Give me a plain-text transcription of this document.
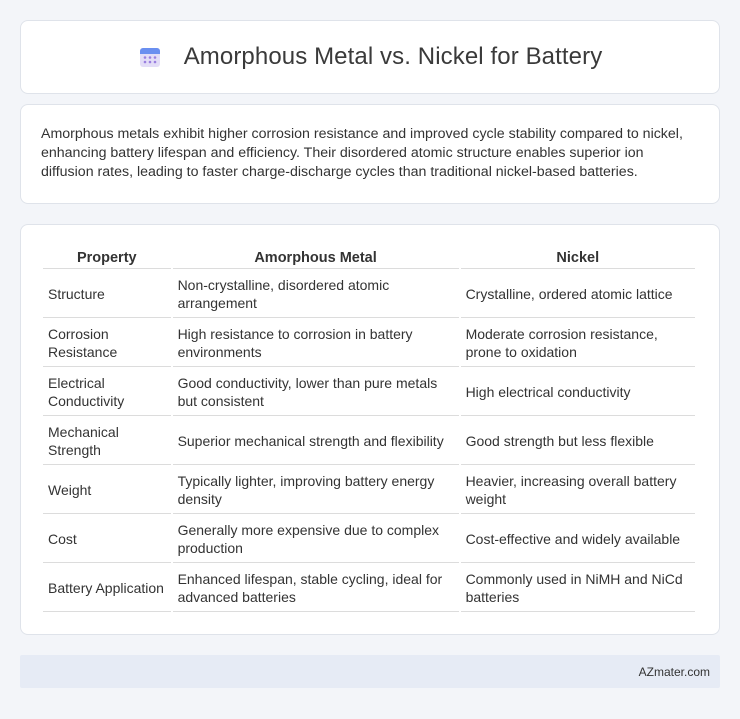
Amorphous Metal vs. Nickel for Battery

Amorphous metals exhibit higher corrosion resistance and improved cycle stability compared to nickel, enhancing battery lifespan and efficiency. Their disordered atomic structure enables superior ion diffusion rates, leading to faster charge-discharge cycles than traditional nickel-based batteries.

Property	Amorphous Metal	Nickel
Structure	Non-crystalline, disordered atomic arrangement	Crystalline, ordered atomic lattice
Corrosion Resistance	High resistance to corrosion in battery environments	Moderate corrosion resistance, prone to oxidation
Electrical Conductivity	Good conductivity, lower than pure metals but consistent	High electrical conductivity
Mechanical Strength	Superior mechanical strength and flexibility	Good strength but less flexible
Weight	Typically lighter, improving battery energy density	Heavier, increasing overall battery weight
Cost	Generally more expensive due to complex production	Cost-effective and widely available
Battery Application	Enhanced lifespan, stable cycling, ideal for advanced batteries	Commonly used in NiMH and NiCd batteries
AZmater.com
